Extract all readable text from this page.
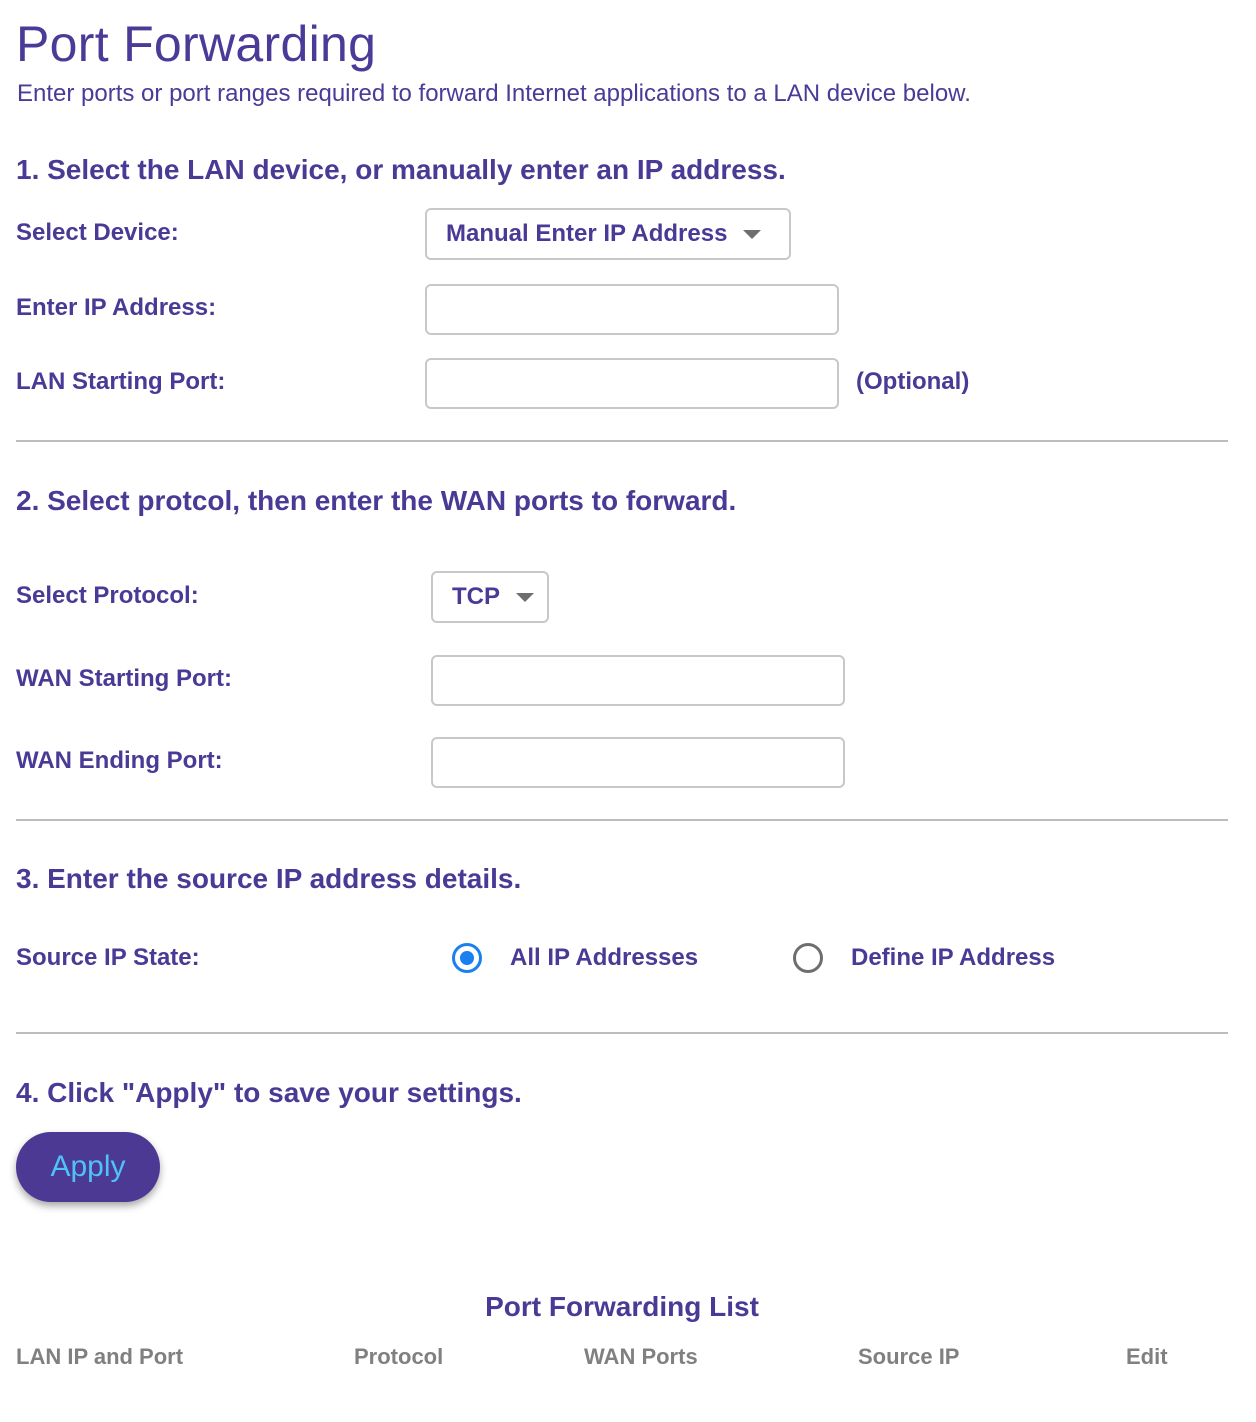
Port Forwarding

Enter ports or port ranges required to forward Internet applications to a LAN device below.

1. Select the LAN device, or manually enter an IP address.
Select Device:	Manual Enter IP Address
Enter IP Address:
LAN Starting Port:	(Optional)
2. Select protcol, then enter the WAN ports to forward.
Select Protocol:	TCP
WAN Starting Port:
WAN Ending Port:
3. Enter the source IP address details.
Source IP State:	All IP Addresses	Define IP Address
4. Click "Apply" to save your settings.
Apply
Port Forwarding List
LAN IP and Port	Protocol	WAN Ports	Source IP	Edit
